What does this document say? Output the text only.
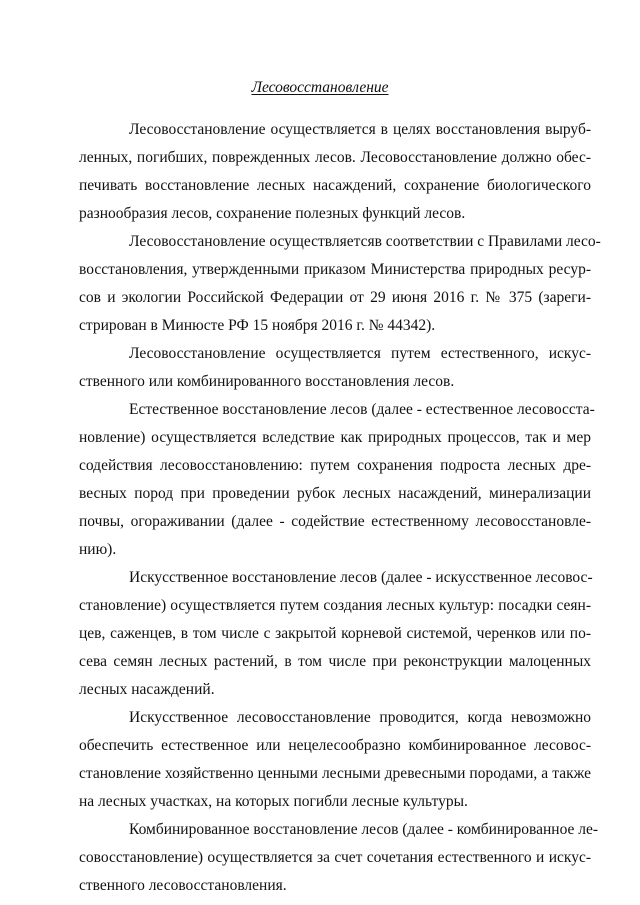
Лесовосстановление

Лесовосстановление осуществляется в целях восстановления выруб-
ленных, погибших, поврежденных лесов. Лесовосстановление должно обес-
печивать восстановление лесных насаждений, сохранение биологического
разнообразия лесов, сохранение полезных функций лесов.

Лесовосстановление осуществляетсяв соответствии с Правилами лесо-
восстановления, утвержденными приказом Министерства природных ресур-
сов и экологии Российской Федерации от 29 июня 2016 г. № 375 (зареги-
стрирован в Минюсте РФ 15 ноября 2016 г. № 44342).

Лесовосстановление осуществляется путем естественного, искус-
ственного или комбинированного восстановления лесов.

Естественное восстановление лесов (далее - естественное лесовосста-
новление) осуществляется вследствие как природных процессов, так и мер
содействия лесовосстановлению: путем сохранения подроста лесных дре-
весных пород при проведении рубок лесных насаждений, минерализации
почвы, огораживании (далее - содействие естественному лесовосстановле-
нию).

Искусственное восстановление лесов (далее - искусственное лесовос-
становление) осуществляется путем создания лесных культур: посадки сеян-
цев, саженцев, в том числе с закрытой корневой системой, черенков или по-
сева семян лесных растений, в том числе при реконструкции малоценных
лесных насаждений.

Искусственное лесовосстановление проводится, когда невозможно
обеспечить естественное или нецелесообразно комбинированное лесовос-
становление хозяйственно ценными лесными древесными породами, а также
на лесных участках, на которых погибли лесные культуры.

Комбинированное восстановление лесов (далее - комбинированное ле-
совосстановление) осуществляется за счет сочетания естественного и искус-
ственного лесовосстановления.
